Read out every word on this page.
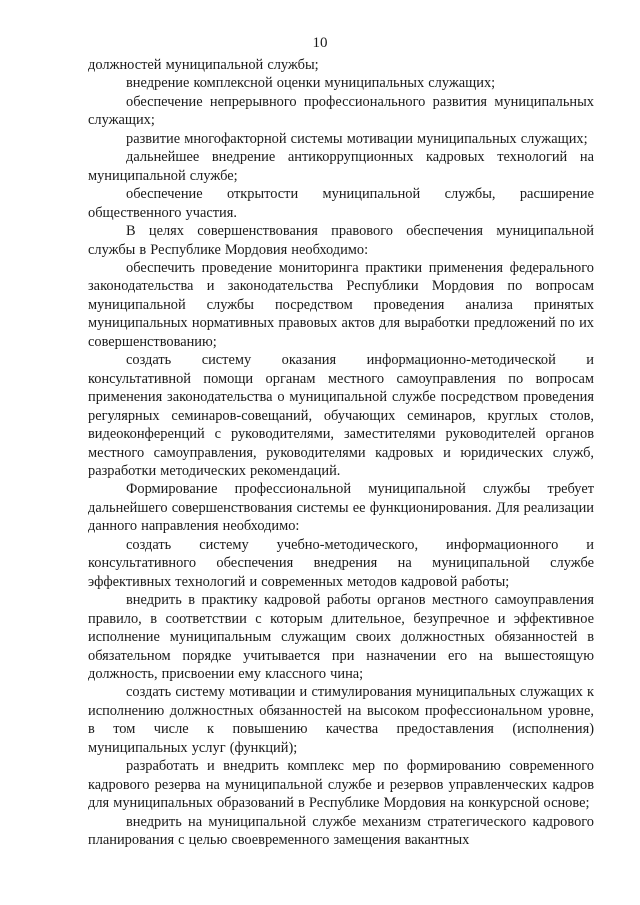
10

должностей муниципальной службы;

внедрение комплексной оценки муниципальных служащих;

обеспечение непрерывного профессионального развития муниципальных служащих;

развитие многофакторной системы мотивации муниципальных служащих;

дальнейшее внедрение антикоррупционных кадровых технологий на муниципальной службе;

обеспечение открытости муниципальной службы, расширение общественного участия.

В целях совершенствования правового обеспечения муниципальной службы в Республике Мордовия необходимо:

обеспечить проведение мониторинга практики применения федерального законодательства и законодательства Республики Мордовия по вопросам муниципальной службы посредством проведения анализа принятых муниципальных нормативных правовых актов для выработки предложений по их совершенствованию;

создать систему оказания информационно-методической и консультативной помощи органам местного самоуправления по вопросам применения законодательства о муниципальной службе посредством проведения регулярных семинаров-совещаний, обучающих семинаров, круглых столов, видеоконференций с руководителями, заместителями руководителей органов местного самоуправления, руководителями кадровых и юридических служб, разработки методических рекомендаций.

Формирование профессиональной муниципальной службы требует дальнейшего совершенствования системы ее функционирования. Для реализации данного направления необходимо:

создать систему учебно-методического, информационного и консультативного обеспечения внедрения на муниципальной службе эффективных технологий и современных методов кадровой работы;

внедрить в практику кадровой работы органов местного самоуправления правило, в соответствии с которым длительное, безупречное и эффективное исполнение муниципальным служащим своих должностных обязанностей в обязательном порядке учитывается при назначении его на вышестоящую должность, присвоении ему классного чина;

создать систему мотивации и стимулирования муниципальных служащих к исполнению должностных обязанностей на высоком профессиональном уровне, в том числе к повышению качества предоставления (исполнения) муниципальных услуг (функций);

разработать и внедрить комплекс мер по формированию современного кадрового резерва на муниципальной службе и резервов управленческих кадров для муниципальных образований в Республике Мордовия на конкурсной основе;

внедрить на муниципальной службе механизм стратегического кадрового планирования с целью своевременного замещения вакантных
